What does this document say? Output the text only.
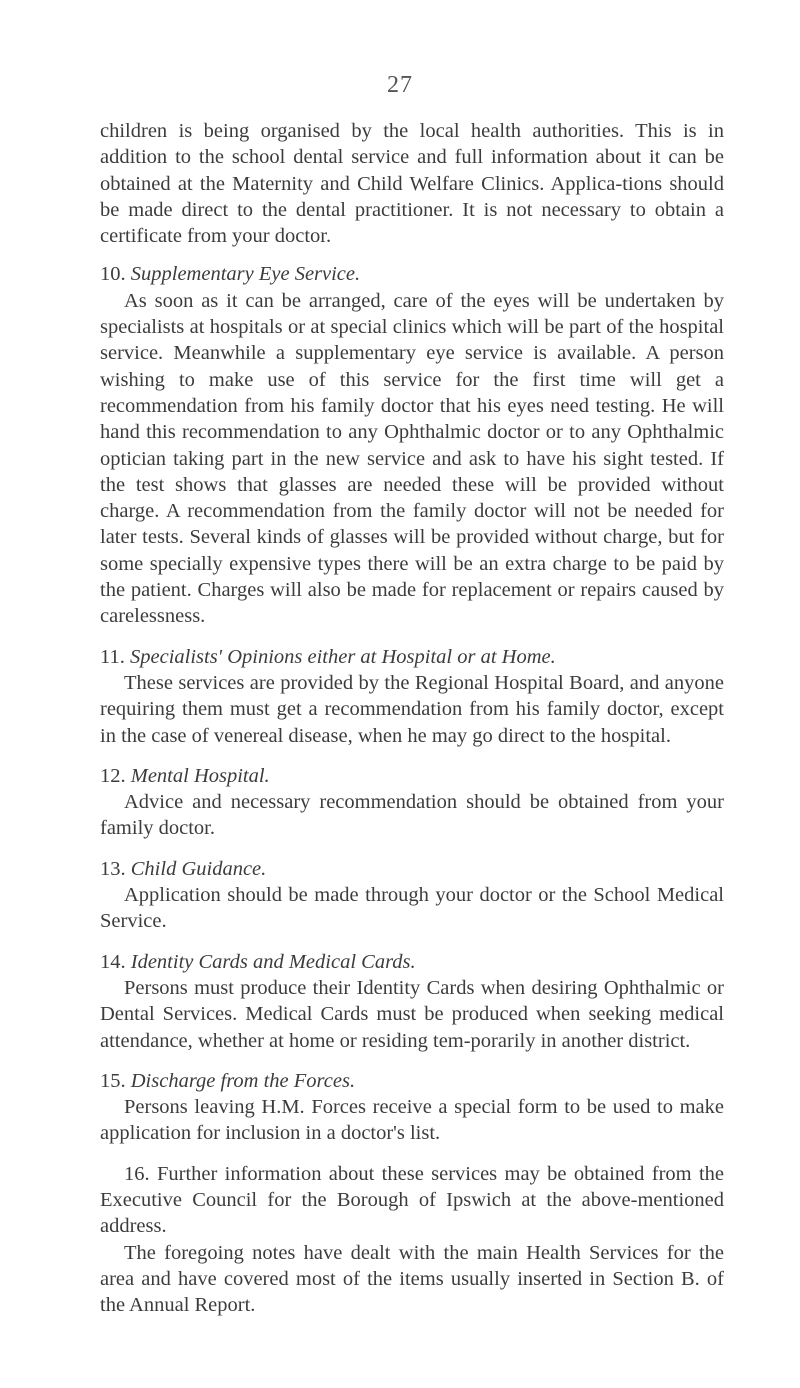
27

children is being organised by the local health authorities. This is in addition to the school dental service and full information about it can be obtained at the Maternity and Child Welfare Clinics. Applica-tions should be made direct to the dental practitioner. It is not necessary to obtain a certificate from your doctor.

10. Supplementary Eye Service.

As soon as it can be arranged, care of the eyes will be undertaken by specialists at hospitals or at special clinics which will be part of the hospital service. Meanwhile a supplementary eye service is available. A person wishing to make use of this service for the first time will get a recommendation from his family doctor that his eyes need testing. He will hand this recommendation to any Ophthalmic doctor or to any Ophthalmic optician taking part in the new service and ask to have his sight tested. If the test shows that glasses are needed these will be provided without charge. A recommendation from the family doctor will not be needed for later tests. Several kinds of glasses will be provided without charge, but for some specially expensive types there will be an extra charge to be paid by the patient. Charges will also be made for replacement or repairs caused by carelessness.

11. Specialists' Opinions either at Hospital or at Home.

These services are provided by the Regional Hospital Board, and anyone requiring them must get a recommendation from his family doctor, except in the case of venereal disease, when he may go direct to the hospital.

12. Mental Hospital.

Advice and necessary recommendation should be obtained from your family doctor.

13. Child Guidance.

Application should be made through your doctor or the School Medical Service.

14. Identity Cards and Medical Cards.

Persons must produce their Identity Cards when desiring Ophthalmic or Dental Services. Medical Cards must be produced when seeking medical attendance, whether at home or residing tem-porarily in another district.

15. Discharge from the Forces.

Persons leaving H.M. Forces receive a special form to be used to make application for inclusion in a doctor's list.

16. Further information about these services may be obtained from the Executive Council for the Borough of Ipswich at the above-mentioned address.

The foregoing notes have dealt with the main Health Services for the area and have covered most of the items usually inserted in Section B. of the Annual Report.
